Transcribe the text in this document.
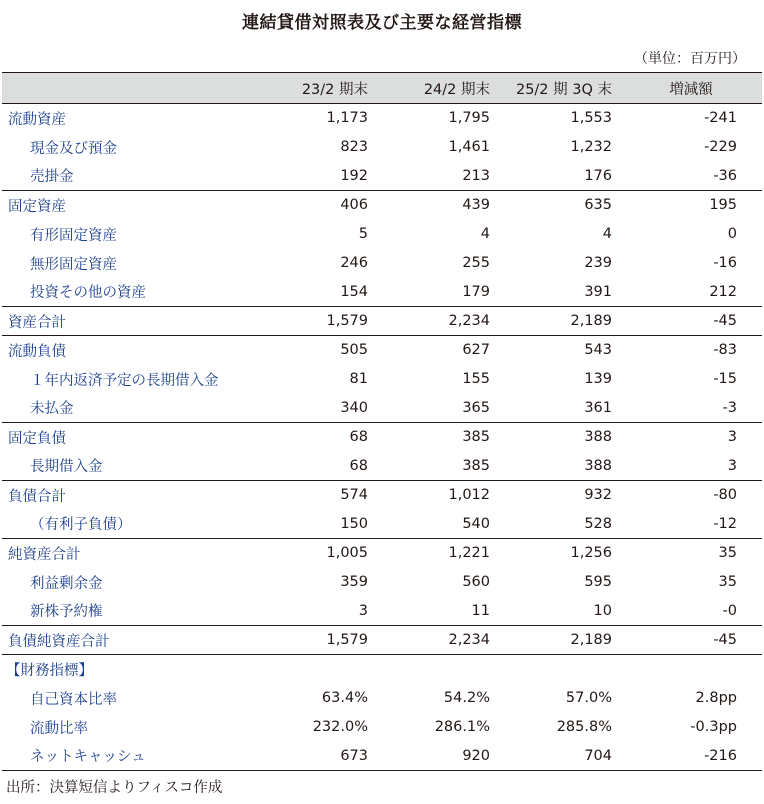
連結貸借対照表及び主要な経営指標
（単位：百万円）
	23/2 期末	24/2 期末	25/2 期 3Q 末	増減額
流動資産	1,173	1,795	1,553	-241
現金及び預金	823	1,461	1,232	-229
売掛金	192	213	176	-36
固定資産	406	439	635	195
有形固定資産	5	4	4	0
無形固定資産	246	255	239	-16
投資その他の資産	154	179	391	212
資産合計	1,579	2,234	2,189	-45
流動負債	505	627	543	-83
１年内返済予定の長期借入金	81	155	139	-15
未払金	340	365	361	-3
固定負債	68	385	388	3
長期借入金	68	385	388	3
負債合計	574	1,012	932	-80
（有利子負債）	150	540	528	-12
純資産合計	1,005	1,221	1,256	35
利益剰余金	359	560	595	35
新株予約権	3	11	10	-0
負債純資産合計	1,579	2,234	2,189	-45
【財務指標】				
自己資本比率	63.4%	54.2%	57.0%	2.8pp
流動比率	232.0%	286.1%	285.8%	-0.3pp
ネットキャッシュ	673	920	704	-216
出所：決算短信よりフィスコ作成
